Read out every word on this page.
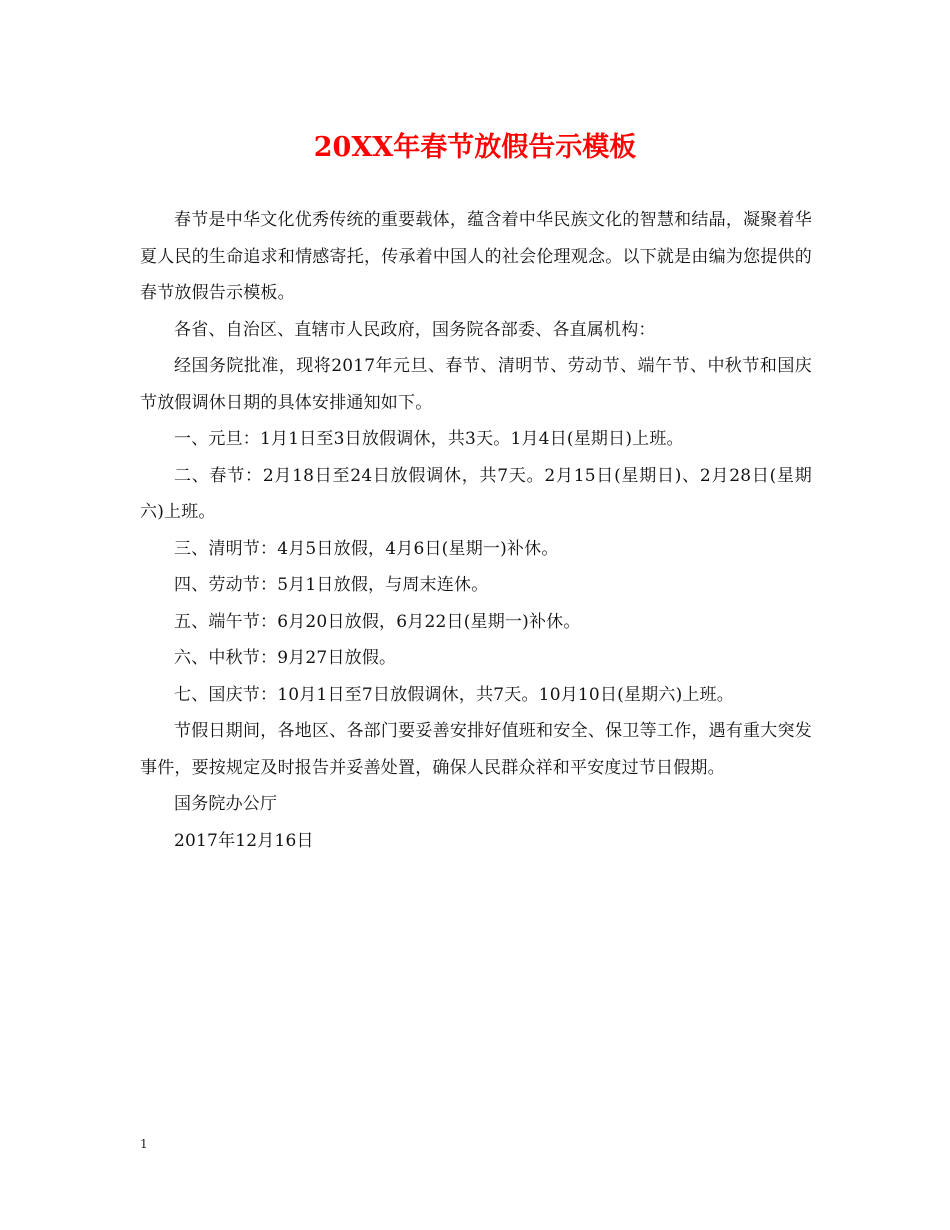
20XX年春节放假告示模板

春节是中华文化优秀传统的重要载体，蕴含着中华民族文化的智慧和结晶，凝聚着华夏人民的生命追求和情感寄托，传承着中国人的社会伦理观念。以下就是由编为您提供的春节放假告示模板。

各省、自治区、直辖市人民政府，国务院各部委、各直属机构：

经国务院批准，现将2017年元旦、春节、清明节、劳动节、端午节、中秋节和国庆节放假调休日期的具体安排通知如下。

一、元旦：1月1日至3日放假调休，共3天。1月4日(星期日)上班。

二、春节：2月18日至24日放假调休，共7天。2月15日(星期日)、2月28日(星期六)上班。

三、清明节：4月5日放假，4月6日(星期一)补休。

四、劳动节：5月1日放假，与周末连休。

五、端午节：6月20日放假，6月22日(星期一)补休。

六、中秋节：9月27日放假。

七、国庆节：10月1日至7日放假调休，共7天。10月10日(星期六)上班。

节假日期间，各地区、各部门要妥善安排好值班和安全、保卫等工作，遇有重大突发事件，要按规定及时报告并妥善处置，确保人民群众祥和平安度过节日假期。

国务院办公厅

2017年12月16日

1
